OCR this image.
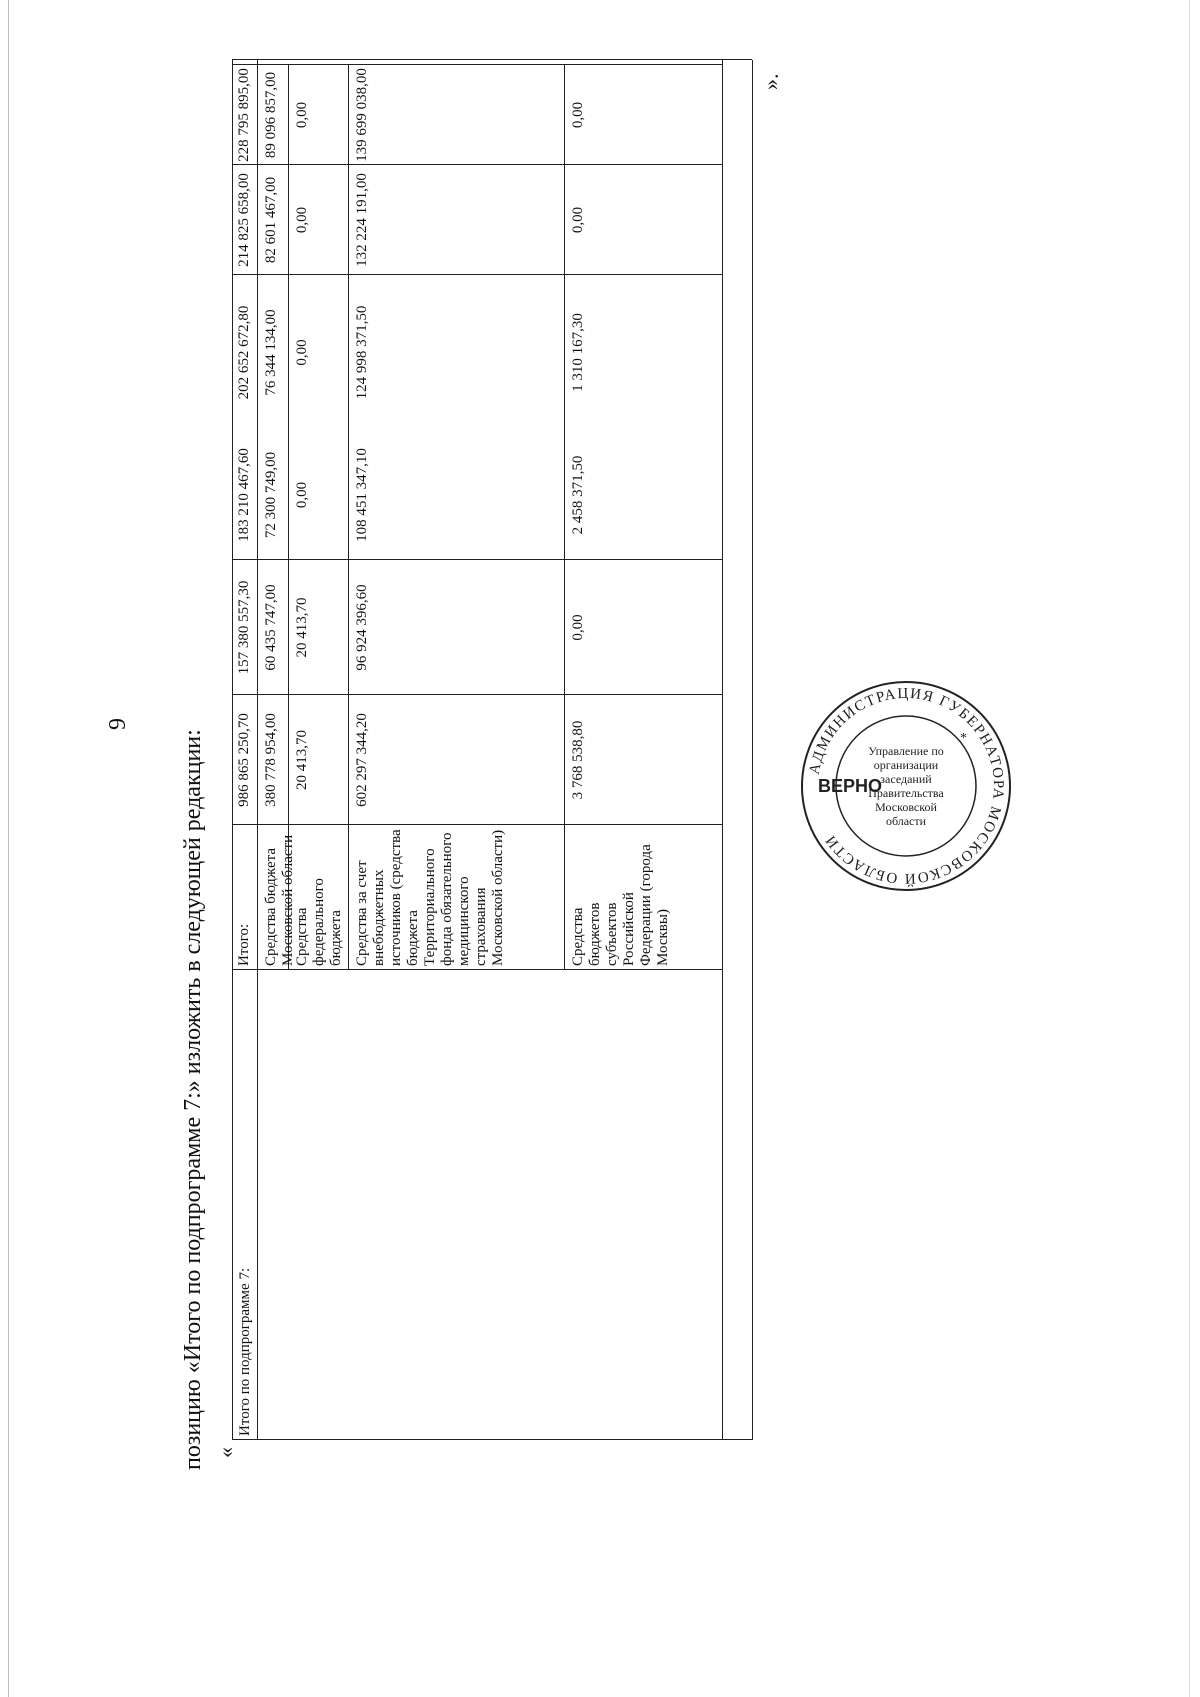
9
позицию «Итого по подпрограмме 7:» изложить в следующей редакции: «
».
Итого по подпрограмме 7:
Итого:
986 865 250,70
157 380 557,30
183 210 467,60
202 652 672,80
214 825 658,00
228 795 895,00
Средства бюджета Московской области
380 778 954,00
60 435 747,00
72 300 749,00
76 344 134,00
82 601 467,00
89 096 857,00
Средства федерального бюджета
20 413,70
20 413,70
0,00
0,00
0,00
0,00
Средства за счет внебюджетных источников (средства бюджета Территориального фонда обязательного медицинского страхования Московской области)
602 297 344,20
96 924 396,60
108 451 347,10
124 998 371,50
132 224 191,00
139 699 038,00
Средства бюджетов субъектов Российской Федерации (города Москвы)
3 768 538,80
0,00
2 458 371,50
1 310 167,30
0,00
0,00
АДМИНИСТРАЦИЯ ГУБЕРНАТОРА МОСКОВСКОЙ ОБЛАСТИ
*
Управление по организации заседаний Правительства Московской области
ВЕРНО
